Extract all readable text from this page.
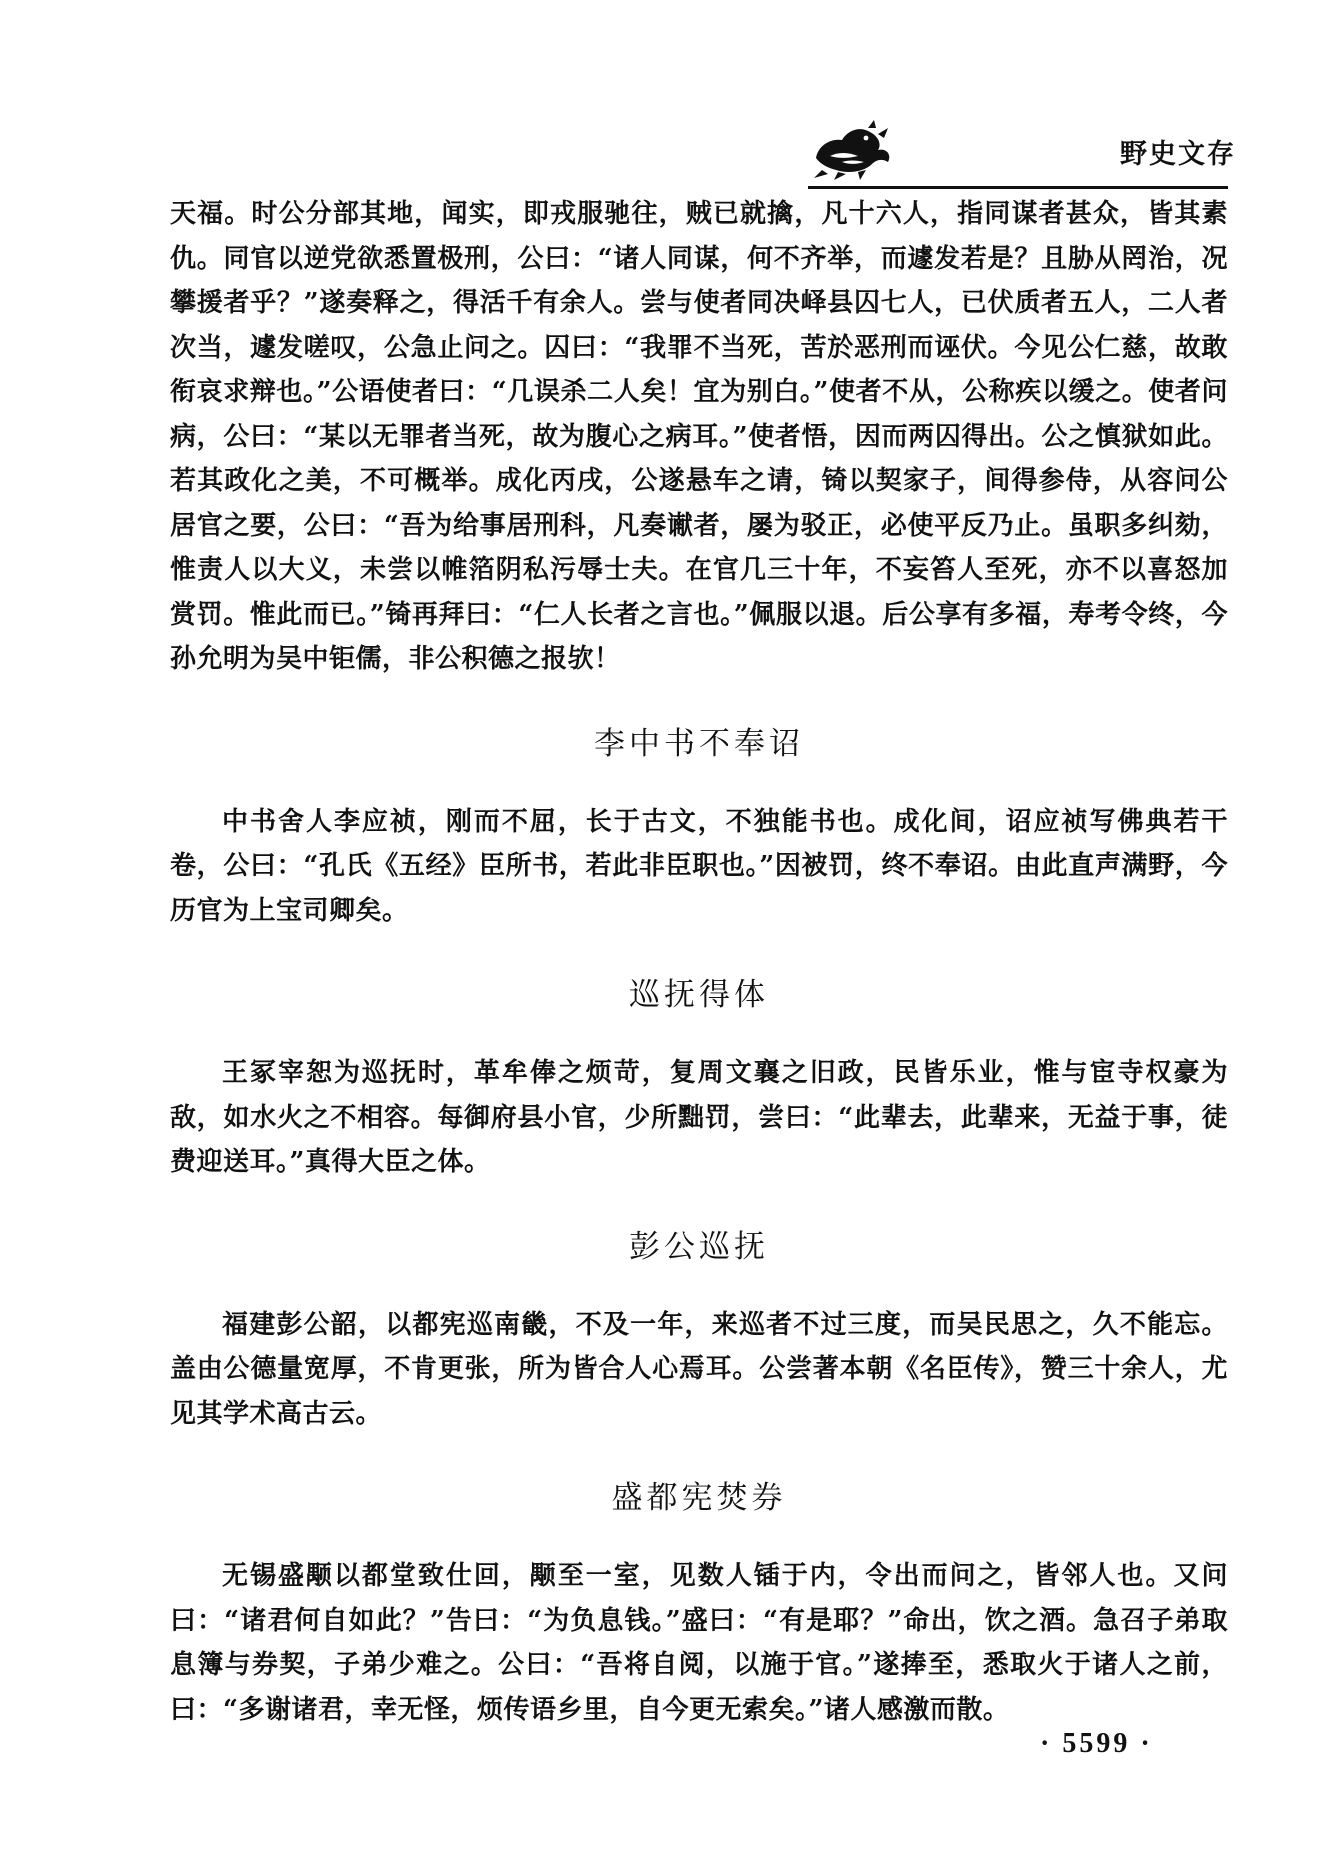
野史文存

天福。时公分部其地，闻实，即戎服驰往，贼已就擒，凡十六人，指同谋者甚众，皆其素仇。同官以逆党欲悉置极刑，公曰：“诸人同谋，何不齐举，而遽发若是？且胁从罔治，况攀援者乎？”遂奏释之，得活千有余人。尝与使者同决峄县囚七人，已伏质者五人，二人者次当，遽发嗟叹，公急止问之。囚曰：“我罪不当死，苦於恶刑而诬伏。今见公仁慈，故敢衔哀求辩也。”公语使者曰：“几误杀二人矣！宜为别白。”使者不从，公称疾以缓之。使者问病，公曰：“某以无罪者当死，故为腹心之病耳。”使者悟，因而两囚得出。公之慎狱如此。若其政化之美，不可概举。成化丙戌，公遂悬车之请，锜以契家子，间得参侍，从容问公居官之要，公曰：“吾为给事居刑科，凡奏谳者，屡为驳正，必使平反乃止。虽职多纠劾，惟责人以大义，未尝以帷箔阴私污辱士夫。在官几三十年，不妄笞人至死，亦不以喜怒加赏罚。惟此而已。”锜再拜曰：“仁人长者之言也。”佩服以退。后公享有多福，寿考令终，今孙允明为吴中钜儒，非公积德之报欤！

李中书不奉诏

中书舍人李应祯，刚而不屈，长于古文，不独能书也。成化间，诏应祯写佛典若干卷，公曰：“孔氏《五经》臣所书，若此非臣职也。”因被罚，终不奉诏。由此直声满野，今历官为上宝司卿矣。

巡抚得体

王冢宰恕为巡抚时，革牟俸之烦苛，复周文襄之旧政，民皆乐业，惟与宦寺权豪为敌，如水火之不相容。每御府县小官，少所黜罚，尝曰：“此辈去，此辈来，无益于事，徒费迎送耳。”真得大臣之体。

彭公巡抚

福建彭公韶，以都宪巡南畿，不及一年，来巡者不过三度，而吴民思之，久不能忘。盖由公德量宽厚，不肯更张，所为皆合人心焉耳。公尝著本朝《名臣传》，赞三十余人，尤见其学术高古云。

盛都宪焚券

无锡盛颙以都堂致仕回，颙至一室，见数人锸于内，令出而问之，皆邻人也。又问曰：“诸君何自如此？”告曰：“为负息钱。”盛曰：“有是耶？”命出，饮之酒。急召子弟取息簿与券契，子弟少难之。公曰：“吾将自阅，以施于官。”遂捧至，悉取火于诸人之前，曰：“多谢诸君，幸无怪，烦传语乡里，自今更无索矣。”诸人感激而散。

· 5599 ·
